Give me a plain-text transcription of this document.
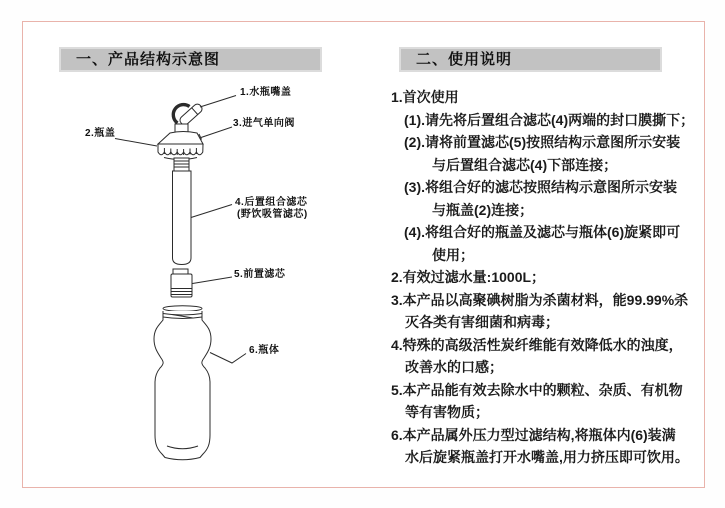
一、产品结构示意图	二、使用说明
1.水瓶嘴盖
2.瓶盖
3.进气单向阀
4.后置组合滤芯
(野饮吸管滤芯)
5.前置滤芯
6.瓶体
1.首次使用
(1).请先将后置组合滤芯(4)两端的封口膜撕下；
(2).请将前置滤芯(5)按照结构示意图所示安装
与后置组合滤芯(4)下部连接；
(3).将组合好的滤芯按照结构示意图所示安装
与瓶盖(2)连接；
(4).将组合好的瓶盖及滤芯与瓶体(6)旋紧即可
使用；
2.有效过滤水量:1000L；
3.本产品以高聚碘树脂为杀菌材料，能99.99%杀
灭各类有害细菌和病毒；
4.特殊的高级活性炭纤维能有效降低水的浊度，
改善水的口感；
5.本产品能有效去除水中的颗粒、杂质、有机物
等有害物质；
6.本产品属外压力型过滤结构,将瓶体内(6)装满
水后旋紧瓶盖打开水嘴盖,用力挤压即可饮用。
